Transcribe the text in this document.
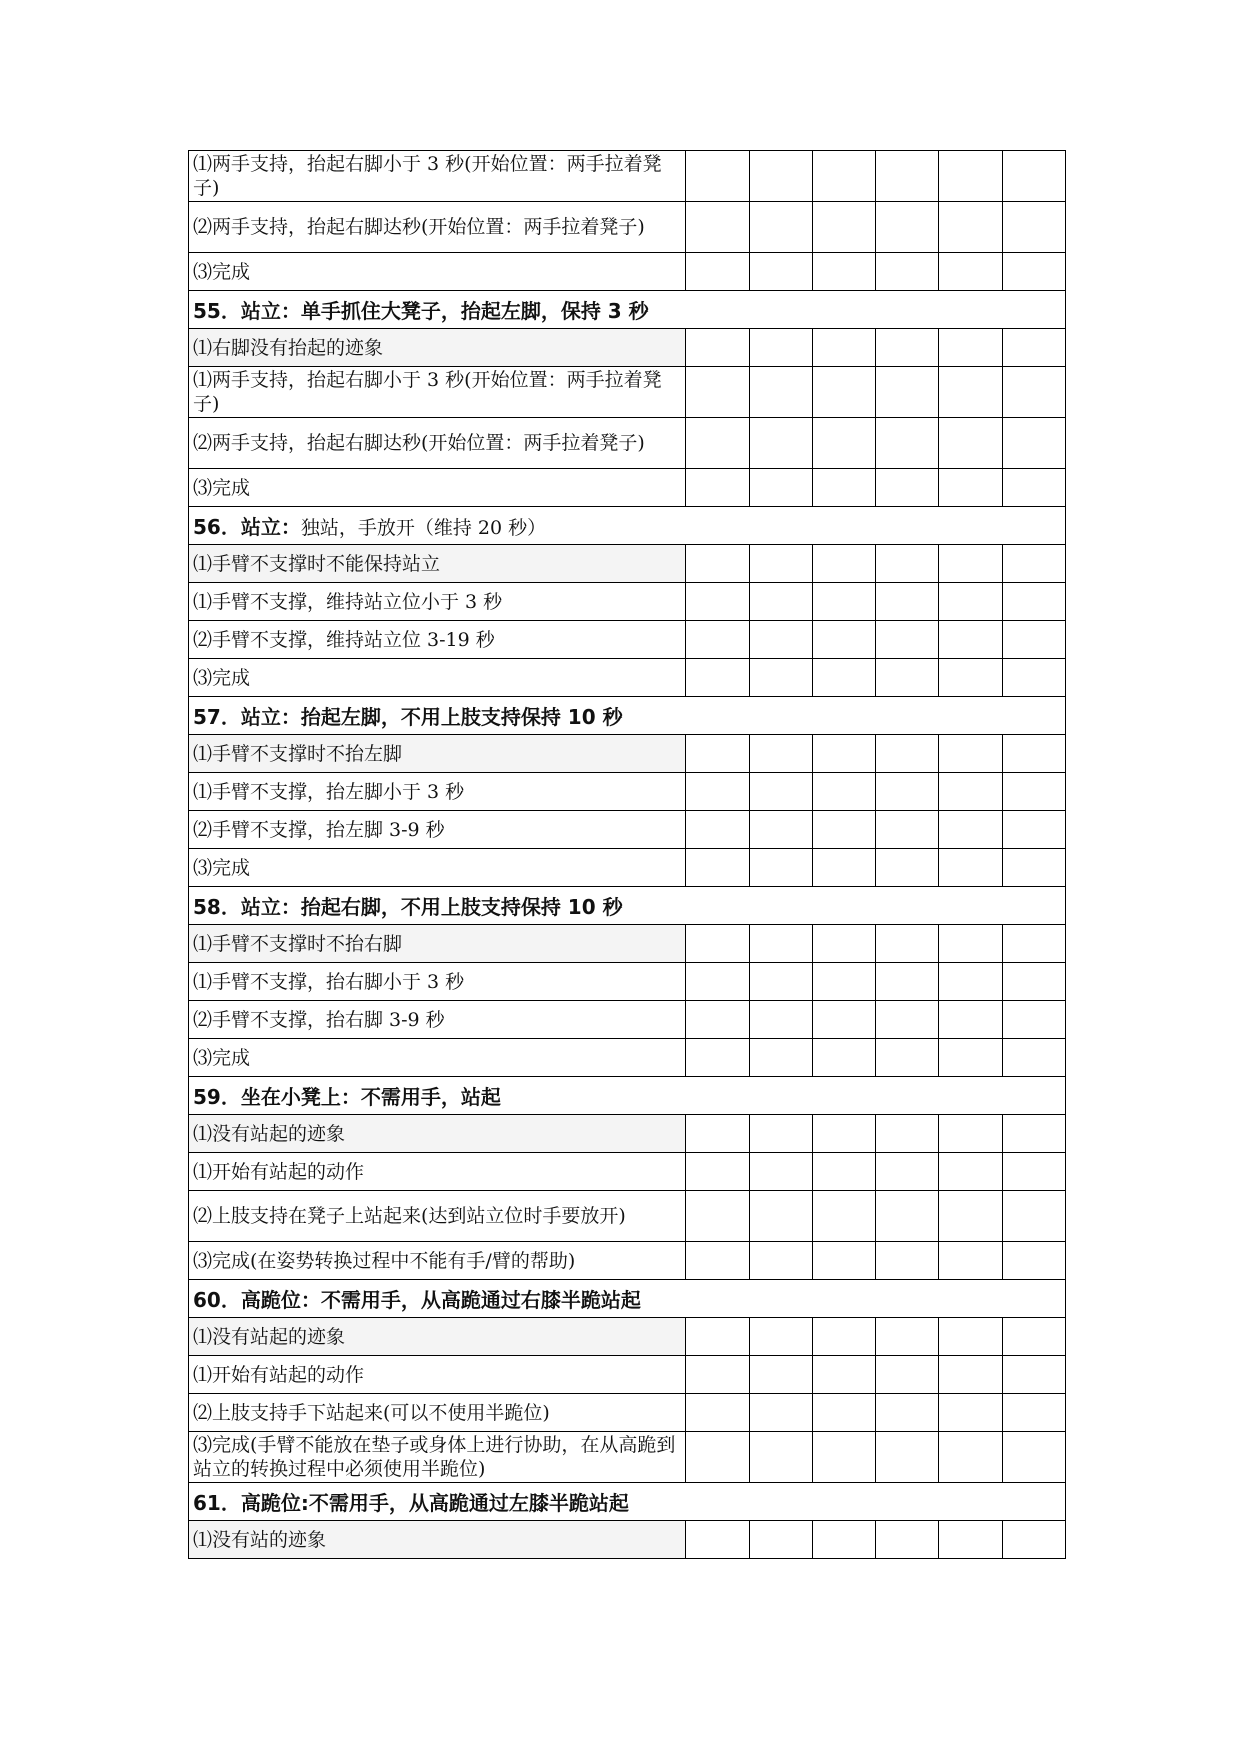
⑴两手支持，抬起右脚小于 3 秒(开始位置：两手拉着凳子)						
⑵两手支持，抬起右脚达秒(开始位置：两手拉着凳子)						
⑶完成						
55．站立：单手抓住大凳子，抬起左脚，保持 3 秒						
⑴右脚没有抬起的迹象						
⑴两手支持，抬起右脚小于 3 秒(开始位置：两手拉着凳子)						
⑵两手支持，抬起右脚达秒(开始位置：两手拉着凳子)						
⑶完成						
56．站立：独站，手放开（维持 20 秒）						
⑴手臂不支撑时不能保持站立						
⑴手臂不支撑，维持站立位小于 3 秒						
⑵手臂不支撑，维持站立位 3-19 秒						
⑶完成						
57．站立：抬起左脚，不用上肢支持保持 10 秒						
⑴手臂不支撑时不抬左脚						
⑴手臂不支撑，抬左脚小于 3 秒						
⑵手臂不支撑，抬左脚 3-9 秒						
⑶完成						
58．站立：抬起右脚，不用上肢支持保持 10 秒						
⑴手臂不支撑时不抬右脚						
⑴手臂不支撑，抬右脚小于 3 秒						
⑵手臂不支撑，抬右脚 3-9 秒						
⑶完成						
59．坐在小凳上：不需用手，站起						
⑴没有站起的迹象						
⑴开始有站起的动作						
⑵上肢支持在凳子上站起来(达到站立位时手要放开)						
⑶完成(在姿势转换过程中不能有手/臂的帮助)						
60．高跪位：不需用手，从高跪通过右膝半跪站起						
⑴没有站起的迹象						
⑴开始有站起的动作						
⑵上肢支持手下站起来(可以不使用半跪位)						
⑶完成(手臂不能放在垫子或身体上进行协助，在从高跪到站立的转换过程中必须使用半跪位)						
61．高跪位:不需用手，从高跪通过左膝半跪站起						
⑴没有站的迹象						
